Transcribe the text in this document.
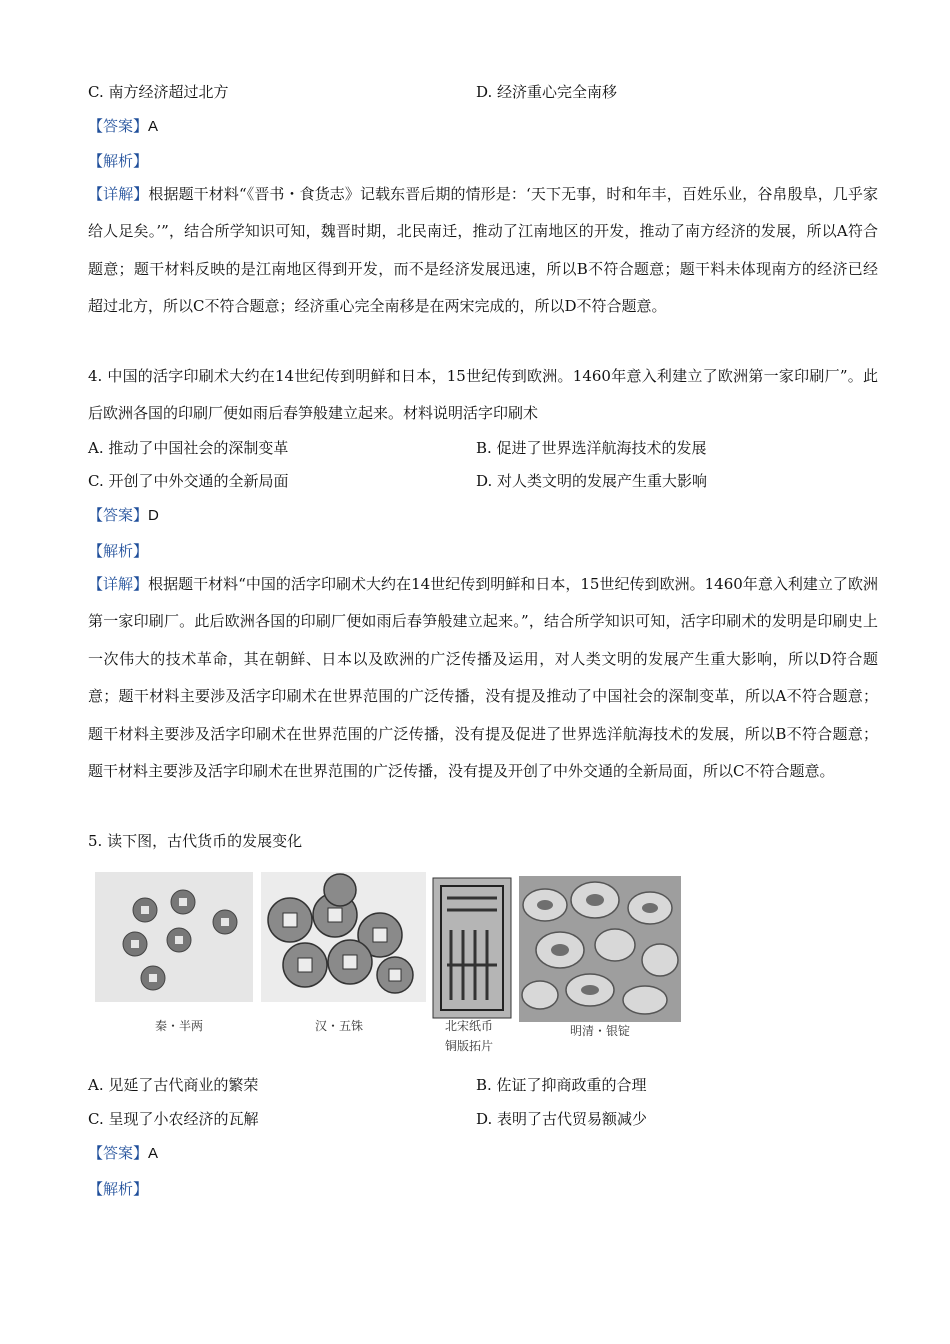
C. 南方经济超过北方	D. 经济重心完全南移
【答案】A
【解析】
【详解】根据题干材料“《晋书・食货志》记载东晋后期的情形是：‘天下无事，时和年丰，百姓乐业，谷帛殷阜，几乎家给人足矣。’”，结合所学知识可知，魏晋时期，北民南迁，推动了江南地区的开发，推动了南方经济的发展，所以A符合题意；题干材料反映的是江南地区得到开发，而不是经济发展迅速，所以B不符合题意；题干料未体现南方的经济已经超过北方，所以C不符合题意；经济重心完全南移是在两宋完成的，所以D不符合题意。
4. 中国的活字印刷术大约在14世纪传到明鲜和日本，15世纪传到欧洲。1460年意入利建立了欧洲第一家印刷厂”。此后欧洲各国的印刷厂便如雨后春笋般建立起来。材料说明活字印刷术
A. 推动了中国社会的深制变革	B. 促进了世界选洋航海技术的发展
C. 开创了中外交通的全新局面	D. 对人类文明的发展产生重大影响
【答案】D
【解析】
【详解】根据题干材料“中国的活字印刷术大约在14世纪传到明鲜和日本，15世纪传到欧洲。1460年意入利建立了欧洲第一家印刷厂。此后欧洲各国的印刷厂便如雨后春笋般建立起来。”，结合所学知识可知，活字印刷术的发明是印刷史上一次伟大的技术革命，其在朝鲜、日本以及欧洲的广泛传播及运用，对人类文明的发展产生重大影响，所以D符合题意；题干材料主要涉及活字印刷术在世界范围的广泛传播，没有提及推动了中国社会的深制变革，所以A不符合题意；题干材料主要涉及活字印刷术在世界范围的广泛传播，没有提及促进了世界选洋航海技术的发展，所以B不符合题意；题干材料主要涉及活字印刷术在世界范围的广泛传播，没有提及开创了中外交通的全新局面，所以C不符合题意。
5. 读下图，古代货币的发展变化
秦・半两	汉・五铢	北宋纸币
铜版拓片
明清・银锭
A. 见延了古代商业的繁荣	B. 佐证了抑商政重的合理
C. 呈现了小农经济的瓦解	D. 表明了古代贸易额减少
【答案】A
【解析】
